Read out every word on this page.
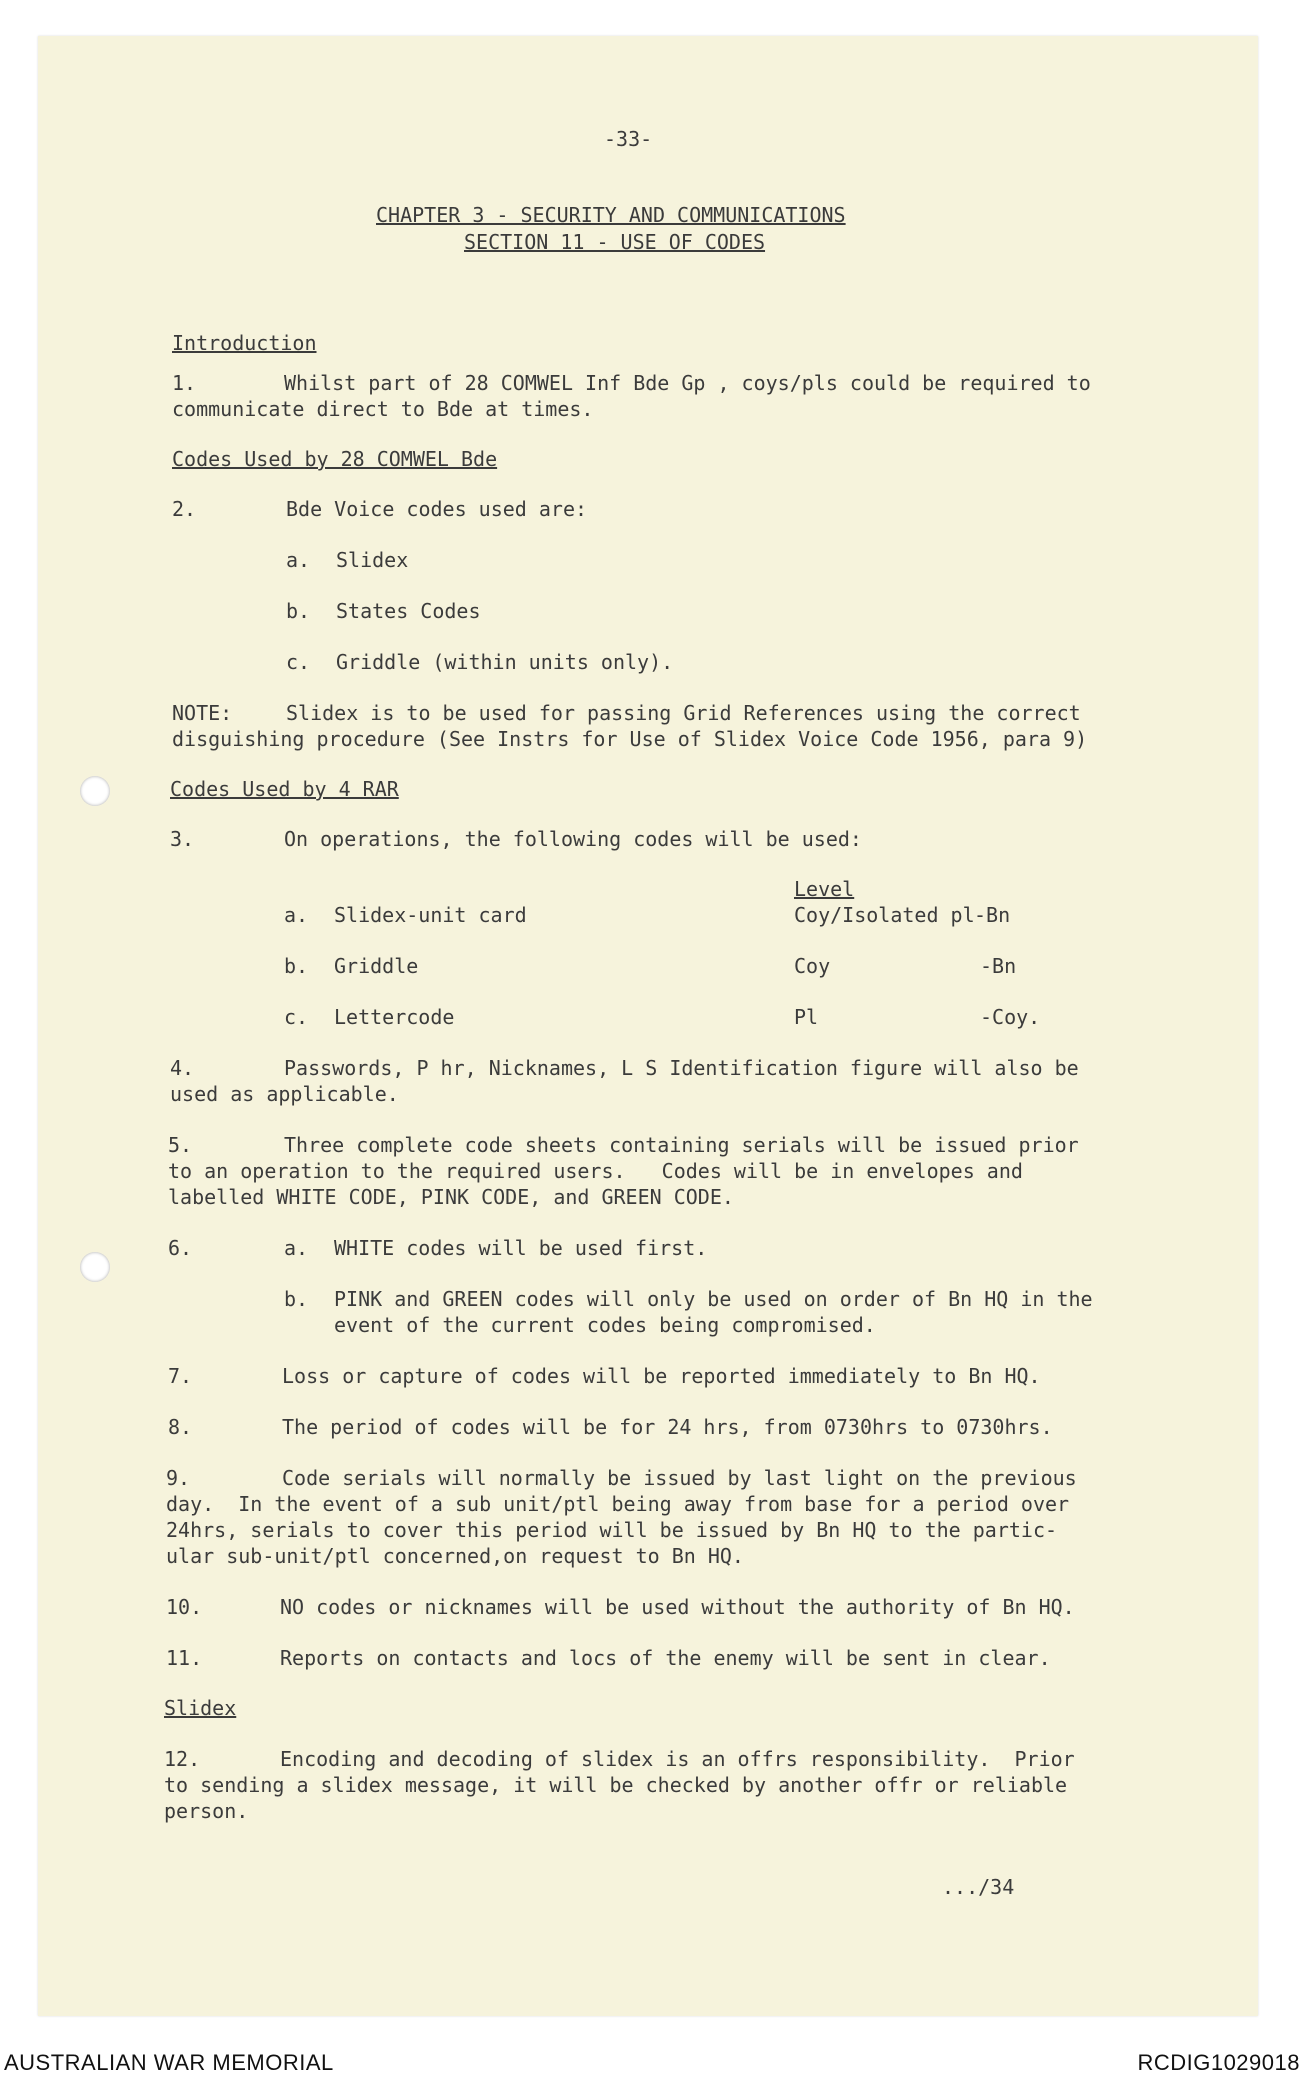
-33-
CHAPTER 3 - SECURITY AND COMMUNICATIONS
SECTION 11 - USE OF CODES
Introduction
1.	Whilst part of 28 COMWEL Inf Bde Gp , coys/pls could be required to
communicate direct to Bde at times.
Codes Used by 28 COMWEL Bde
2.	Bde Voice codes used are:
a. Slidex
b. States Codes
c. Griddle (within units only).
NOTE:	Slidex is to be used for passing Grid References using the correct
disguishing procedure (See Instrs for Use of Slidex Voice Code 1956, para 9)
Codes Used by 4 RAR
3.	On operations, the following codes will be used:
Level
a. Slidex-unit card	Coy/Isolated pl -Bn
b. Griddle	Coy	-Bn
c. Lettercode	Pl	-Coy.
4.	Passwords, P hr, Nicknames, L S Identification figure will also be
used as applicable.
5.	Three complete code sheets containing serials will be issued prior
to an operation to the required users.   Codes will be in envelopes and
labelled WHITE CODE, PINK CODE, and GREEN CODE.
6.	a. WHITE codes will be used first.
b. PINK and GREEN codes will only be used on order of Bn HQ in the
event of the current codes being compromised.
7.	Loss or capture of codes will be reported immediately to Bn HQ.
8.	The period of codes will be for 24 hrs, from 0730hrs to 0730hrs.
9.	Code serials will normally be issued by last light on the previous
day.  In the event of a sub unit/ptl being away from base for a period over
24hrs, serials to cover this period will be issued by Bn HQ to the partic-
ular sub-unit/ptl concerned,on request to Bn HQ.
10.	NO codes or nicknames will be used without the authority of Bn HQ.
11.	Reports on contacts and locs of the enemy will be sent in clear.
Slidex
12.	Encoding and decoding of slidex is an offrs responsibility.  Prior
to sending a slidex message, it will be checked by another offr or reliable
person.
.../34
AUSTRALIAN WAR MEMORIAL	RCDIG1029018
